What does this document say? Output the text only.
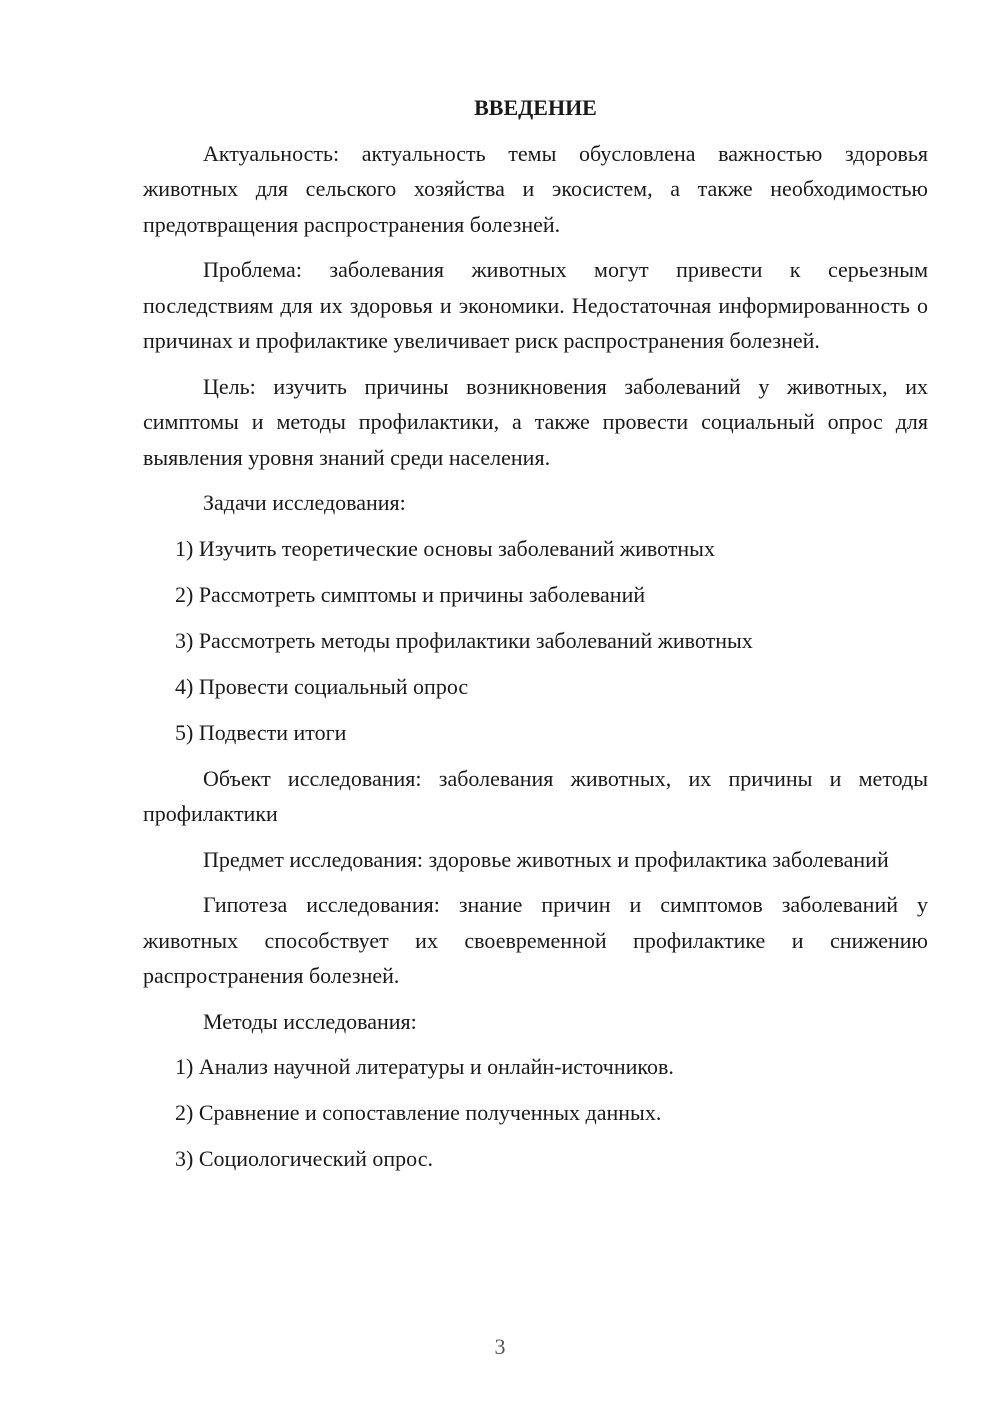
ВВЕДЕНИЕ

Актуальность: актуальность темы обусловлена важностью здоровья животных для сельского хозяйства и экосистем, а также необходимостью предотвращения распространения болезней.

Проблема: заболевания животных могут привести к серьезным последствиям для их здоровья и экономики. Недостаточная информированность о причинах и профилактике увеличивает риск распространения болезней.

Цель: изучить причины возникновения заболеваний у животных, их симптомы и методы профилактики, а также провести социальный опрос для выявления уровня знаний среди населения.

Задачи исследования:

1) Изучить теоретические основы заболеваний животных
2) Рассмотреть симптомы и причины заболеваний
3) Рассмотреть методы профилактики заболеваний животных
4) Провести социальный опрос
5) Подвести итоги

Объект исследования: заболевания животных, их причины и методы профилактики

Предмет исследования: здоровье животных и профилактика заболеваний

Гипотеза исследования: знание причин и симптомов заболеваний у животных способствует их своевременной профилактике и снижению распространения болезней.

Методы исследования:

1) Анализ научной литературы и онлайн-источников.
2) Сравнение и сопоставление полученных данных.
3) Социологический опрос.
3
